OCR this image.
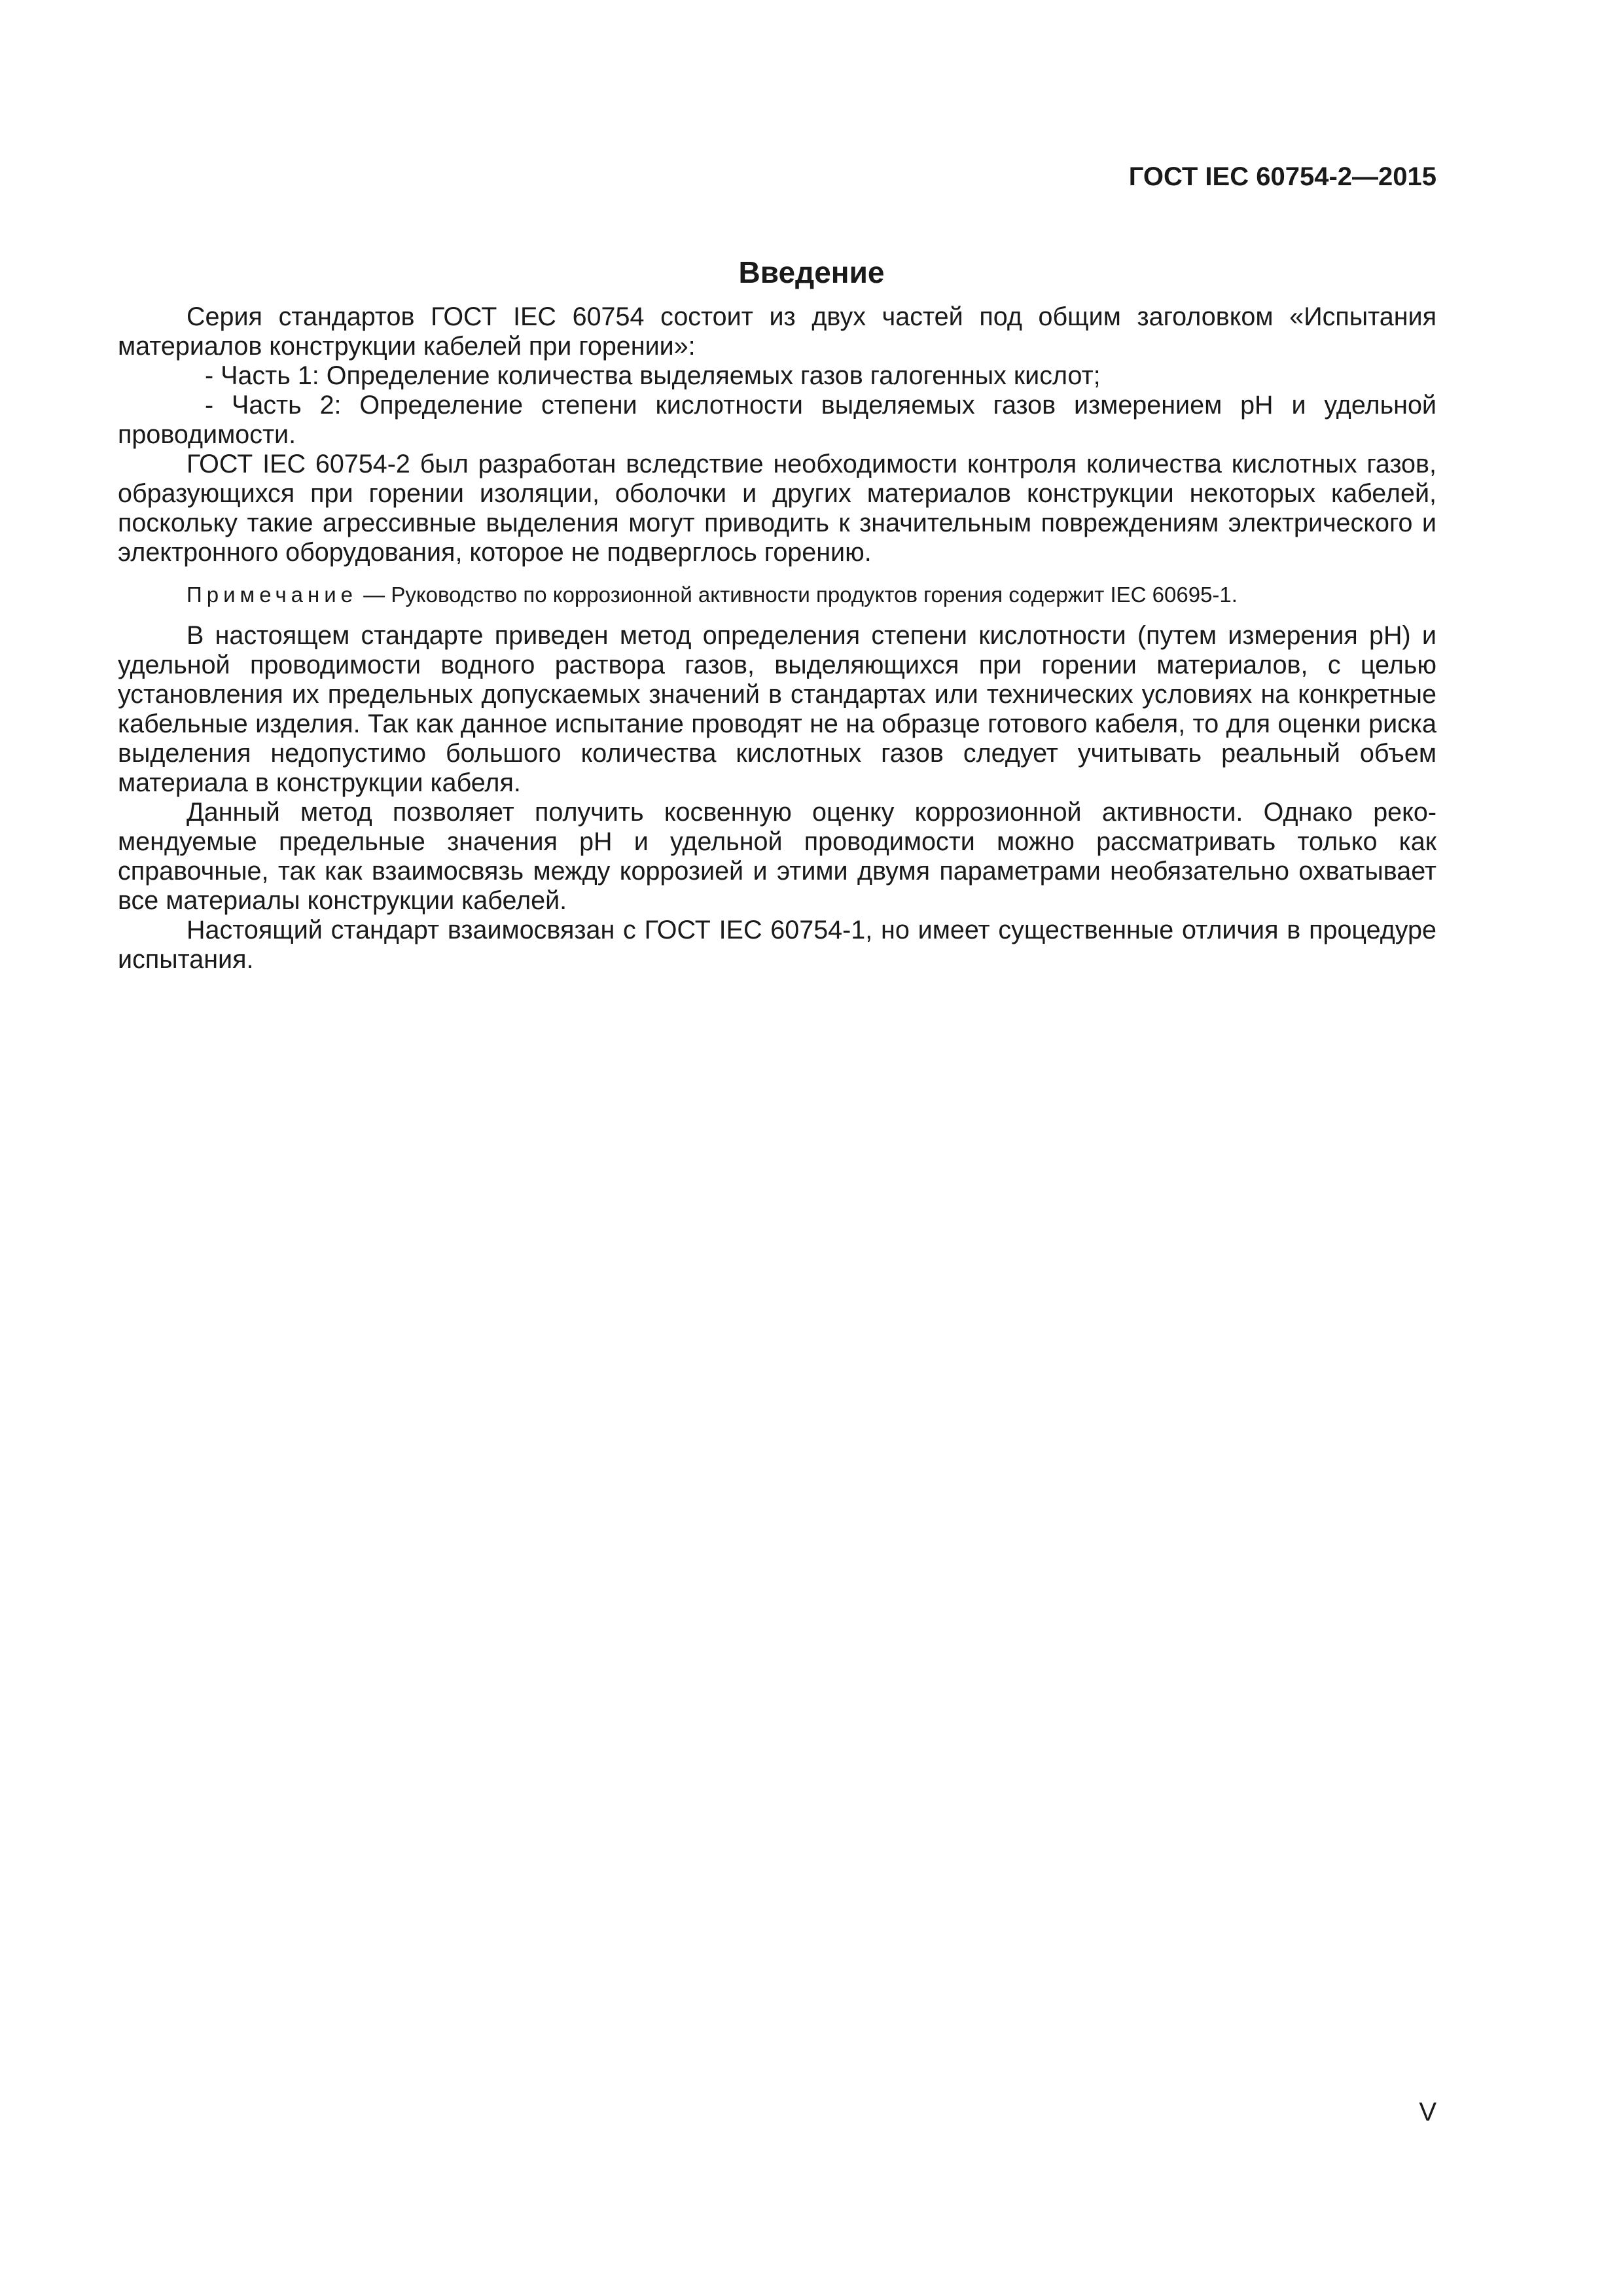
ГОСТ IEC 60754-2—2015
Введение

Серия стандартов ГОСТ IEC 60754 состоит из двух частей под общим заголовком «Испытания материалов конструкции кабелей при горении»:

- Часть 1: Определение количества выделяемых газов галогенных кислот;

- Часть 2: Определение степени кислотности выделяемых газов измерением pH и удельной проводимости.

ГОСТ IEC 60754-2 был разработан вследствие необходимости контроля количества кислотных газов, образующихся при горении изоляции, оболочки и других материалов конструкции некоторых кабелей, поскольку такие агрессивные выделения могут приводить к значительным повреждениям электрического и электронного оборудования, которое не подверглось горению.

Примечание — Руководство по коррозионной активности продуктов горения содержит IEC 60695-1.

В настоящем стандарте приведен метод определения степени кислотности (путем измерения pH) и удельной проводимости водного раствора газов, выделяющихся при горении материалов, с целью установления их предельных допускаемых значений в стандартах или технических условиях на конкретные кабельные изделия. Так как данное испытание проводят не на образце готового кабеля, то для оценки риска выделения недопустимо большого количества кислотных газов следует учитывать реальный объем материала в конструкции кабеля.

Данный метод позволяет получить косвенную оценку коррозионной активности. Однако рекомендуемые предельные значения pH и удельной проводимости можно рассматривать только как справочные, так как взаимосвязь между коррозией и этими двумя параметрами необязательно охватывает все материалы конструкции кабелей.

Настоящий стандарт взаимосвязан с ГОСТ IEC 60754-1, но имеет существенные отличия в процедуре испытания.

V
